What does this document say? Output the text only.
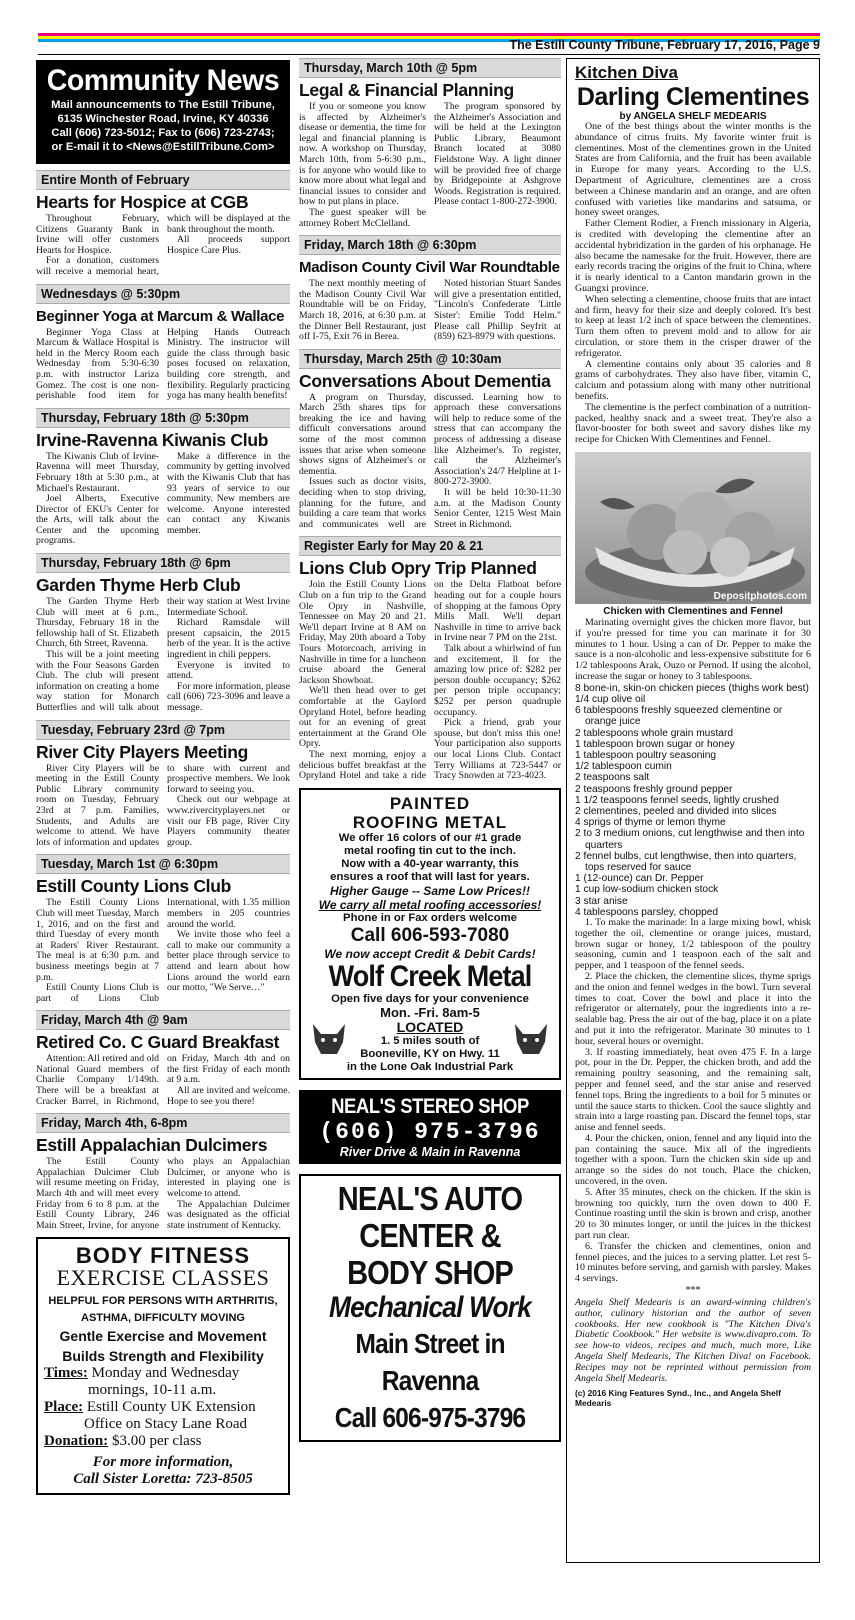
The Estill County Tribune, February 17, 2016, Page 9
Community News

Mail announcements to The Estill Tribune,

6135 Winchester Road, Irvine, KY 40336

Call (606) 723-5012; Fax to (606) 723-2743;

or E-mail it to <News@EstillTribune.Com>

Entire Month of February
Hearts for Hospice at CGB

Throughout February, Citizens Guaranty Bank in Irvine will offer customers Hearts for Hospice.

For a donation, customers will receive a memorial heart, which will be displayed at the bank throughout the month.

All proceeds support Hospice Care Plus.

Wednesdays @ 5:30pm
Beginner Yoga at Marcum & Wallace

Beginner Yoga Class at Marcum & Wallace Hospital is held in the Mercy Room each Wednesday from 5:30-6:30 p.m. with instructor Lariza Gomez. The cost is one non-perishable food item for Helping Hands Outreach Ministry. The instructor will guide the class through basic poses focused on relaxation, building core strength, and flexibility. Regularly practicing yoga has many health benefits!

Thursday, February 18th @ 5:30pm
Irvine-Ravenna Kiwanis Club

The Kiwanis Club of Irvine-Ravenna will meet Thursday, February 18th at 5:30 p.m., at Michael's Restaurant.

Joel Alberts, Executive Director of EKU's Center for the Arts, will talk about the Center and the upcoming programs.

Make a difference in the community by getting involved with the Kiwanis Club that has 93 years of service to our community. New members are welcome. Anyone interested can contact any Kiwanis member.

Thursday, February 18th @ 6pm
Garden Thyme Herb Club

The Garden Thyme Herb Club will meet at 6 p.m., Thursday, February 18 in the fellowship hall of St. Elizabeth Church, 6th Street, Ravenna.

This will be a joint meeting with the Four Seasons Garden Club. The club will present information on creating a home way station for Monarch Butterflies and will talk about their way station at West Irvine Intermediate School.

Richard Ramsdale will present capsaicin, the 2015 herb of the year. It is the active ingredient in chili peppers.

Everyone is invited to attend.

For more information, please call (606) 723-3096 and leave a message.

Tuesday, February 23rd @ 7pm
River City Players Meeting

River City Players will be meeting in the Estill County Public Library community room on Tuesday, February 23rd at 7 p.m. Families, Students, and Adults are welcome to attend. We have lots of information and updates to share with current and prospective members. We look forward to seeing you.

Check out our webpage at www.rivercityplayers.net or visit our FB page, River City Players community theater group.

Tuesday, March 1st @ 6:30pm
Estill County Lions Club

The Estill County Lions Club will meet Tuesday, March 1, 2016, and on the first and third Tuesday of every month at Raders' River Restaurant. The meal is at 6:30 p.m. and business meetings begin at 7 p.m.

Estill County Lions Club is part of Lions Club International, with 1.35 million members in 205 countries around the world.

We invite those who feel a call to make our community a better place through service to attend and learn about how Lions around the world earn our motto, "We Serve…"

Friday, March 4th @ 9am
Retired Co. C Guard Breakfast

Attention: All retired and old National Guard members of Charlie Company 1/149th. There will be a breakfast at Cracker Barrel, in Richmond, on Friday, March 4th and on the first Friday of each month at 9 a.m.

All are invited and welcome. Hope to see you there!

Friday, March 4th, 6-8pm
Estill Appalachian Dulcimers

The Estill County Appalachian Dulcimer Club will resume meeting on Friday, March 4th and will meet every Friday from 6 to 8 p.m. at the Estill County Library, 246 Main Street, Irvine, for anyone who plays an Appalachian Dulcimer, or anyone who is interested in playing one is welcome to attend.

The Appalachian Dulcimer was designated as the official state instrument of Kentucky.

BODY FITNESS
EXERCISE CLASSES
HELPFUL FOR PERSONS WITH ARTHRITIS,
ASTHMA, DIFFICULTY MOVING
Gentle Exercise and Movement
Builds Strength and Flexibility
Times: Monday and Wednesday
mornings, 10-11 a.m.
Place: Estill County UK Extension
Office on Stacy Lane Road
Donation: $3.00 per class
For more information,
Call Sister Loretta: 723-8505
Thursday, March 10th @ 5pm
Legal & Financial Planning

If you or someone you know is affected by Alzheimer's disease or dementia, the time for legal and financial planning is now. A workshop on Thursday, March 10th, from 5-6:30 p.m., is for anyone who would like to know more about what legal and financial issues to consider and how to put plans in place.

The guest speaker will be attorney Robert McClelland.

The program sponsored by the Alzheimer's Association and will be held at the Lexington Public Library, Beaumont Branch located at 3080 Fieldstone Way. A light dinner will be provided free of charge by Bridgepointe at Ashgrove Woods. Registration is required. Please contact 1-800-272-3900.

Friday, March 18th @ 6:30pm
Madison County Civil War Roundtable

The next monthly meeting of the Madison County Civil War Roundtable will be on Friday, March 18, 2016, at 6:30 p.m. at the Dinner Bell Restaurant, just off I-75, Exit 76 in Berea.

Noted historian Stuart Sandes will give a presentation entitled, "Lincoln's Confederate 'Little Sister': Emilie Todd Helm." Please call Phillip Seyfrit at (859) 623-8979 with questions.

Thursday, March 25th @ 10:30am
Conversations About Dementia

A program on Thursday, March 25th shares tips for breaking the ice and having difficult conversations around some of the most common issues that arise when someone shows signs of Alzheimer's or dementia.

Issues such as doctor visits, deciding when to stop driving, planning for the future, and building a care team that works and communicates well are discussed. Learning how to approach these conversations will help to reduce some of the stress that can accompany the process of addressing a disease like Alzheimer's. To register, call the Alzheimer's Association's 24/7 Helpline at 1-800-272-3900.

It will be held 10:30-11:30 a.m. at the Madison County Senior Center, 1215 West Main Street in Richmond.

Register Early for May 20 & 21
Lions Club Opry Trip Planned

Join the Estill County Lions Club on a fun trip to the Grand Ole Opry in Nashville, Tennessee on May 20 and 21. We'll depart Irvine at 8 AM on Friday, May 20th aboard a Toby Tours Motorcoach, arriving in Nashville in time for a luncheon cruise aboard the General Jackson Showboat.

We'll then head over to get comfortable at the Gaylord Opryland Hotel, before heading out for an evening of great entertainment at the Grand Ole Opry.

The next morning, enjoy a delicious buffet breakfast at the Opryland Hotel and take a ride on the Delta Flatboat before heading out for a couple hours of shopping at the famous Opry Mills Mall. We'll depart Nashville in time to arrive back in Irvine near 7 PM on the 21st.

Talk about a whirlwind of fun and excitement, ll for the amazing low price of: $282 per person double occupancy; $262 per person triple occupancy; $252 per person quadruple occupancy.

Pick a friend, grab your spouse, but don't miss this one! Your participation also supports our local Lions Club. Contact Terry Williams at 723-5447 or Tracy Snowden at 723-4023.

PAINTED
ROOFING METAL
We offer 16 colors of our #1 grade
metal roofing tin cut to the inch.
Now with a 40-year warranty, this
ensures a roof that will last for years.
Higher Gauge -- Same Low Prices!!
We carry all metal roofing accessories!
Phone in or Fax orders welcome
Call 606-593-7080
We now accept Credit & Debit Cards!
Wolf Creek Metal
Open five days for your convenience
Mon. -Fri. 8am-5
LOCATED
1. 5 miles south of
Booneville, KY on Hwy. 11
in the Lone Oak Industrial Park
NEAL'S STEREO SHOP
(606) 975-3796
River Drive & Main in Ravenna
NEAL'S AUTO
CENTER &
BODY SHOP
Mechanical Work
Main Street in Ravenna
Call 606-975-3796
Kitchen Diva
Darling Clementines
by ANGELA SHELF MEDEARIS

One of the best things about the winter months is the abundance of citrus fruits. My favorite winter fruit is clementines. Most of the clementines grown in the United States are from California, and the fruit has been available in Europe for many years. According to the U.S. Department of Agriculture, clementines are a cross between a Chinese mandarin and an orange, and are often confused with varieties like mandarins and satsuma, or honey sweet oranges.

Father Clement Rodier, a French missionary in Algeria, is credited with developing the clementine after an accidental hybridization in the garden of his orphanage. He also became the namesake for the fruit. However, there are early records tracing the origins of the fruit to China, where it is nearly identical to a Canton mandarin grown in the Guangxi province.

When selecting a clementine, choose fruits that are intact and firm, heavy for their size and deeply colored. It's best to keep at least 1/2 inch of space between the clementines. Turn them often to prevent mold and to allow for air circulation, or store them in the crisper drawer of the refrigerator.

A clementine contains only about 35 calories and 8 grams of carbohydrates. They also have fiber, vitamin C, calcium and potassium along with many other nutritional benefits.

The clementine is the perfect combination of a nutrition-packed, healthy snack and a sweet treat. They're also a flavor-booster for both sweet and savory dishes like my recipe for Chicken With Clementines and Fennel.

Depositphotos.com
Chicken with Clementines and Fennel

Marinating overnight gives the chicken more flavor, but if you're pressed for time you can marinate it for 30 minutes to 1 hour. Using a can of Dr. Pepper to make the sauce is a non-alcoholic and less-expensive substitute for 6 1/2 tablespoons Arak, Ouzo or Pernod. If using the alcohol, increase the sugar or honey to 3 tablespoons.

8 bone-in, skin-on chicken pieces (thighs work best)
1/4 cup olive oil
6 tablespoons freshly squeezed clementine or orange juice
2 tablespoons whole grain mustard
1 tablespoon brown sugar or honey
1 tablespoon poultry seasoning
1/2 tablespoon cumin
2 teaspoons salt
2 teaspoons freshly ground pepper
1 1/2 teaspoons fennel seeds, lightly crushed
2 clementines, peeled and divided into slices
4 sprigs of thyme or lemon thyme
2 to 3 medium onions, cut lengthwise and then into quarters
2 fennel bulbs, cut lengthwise, then into quarters, tops reserved for sauce
1 (12-ounce) can Dr. Pepper
1 cup low-sodium chicken stock
3 star anise
4 tablespoons parsley, chopped

1. To make the marinade: In a large mixing bowl, whisk together the oil, clementine or orange juices, mustard, brown sugar or honey, 1/2 tablespoon of the poultry seasoning, cumin and 1 teaspoon each of the salt and pepper, and 1 teaspoon of the fennel seeds.

2. Place the chicken, the clementine slices, thyme sprigs and the onion and fennel wedges in the bowl. Turn several times to coat. Cover the bowl and place it into the refrigerator or alternately, pour the ingredients into a re-sealable bag. Press the air out of the bag, place it on a plate and put it into the refrigerator. Marinate 30 minutes to 1 hour, several hours or overnight.

3. If roasting immediately, heat oven 475 F. In a large pot, pour in the Dr. Pepper, the chicken broth, and add the remaining poultry seasoning, and the remaining salt, pepper and fennel seed, and the star anise and reserved fennel tops. Bring the ingredients to a boil for 5 minutes or until the sauce starts to thicken. Cool the sauce slightly and strain into a large roasting pan. Discard the fennel tops, star anise and fennel seeds.

4. Pour the chicken, onion, fennel and any liquid into the pan containing the sauce. Mix all of the ingredients together with a spoon. Turn the chicken skin side up and arrange so the sides do not touch. Place the chicken, uncovered, in the oven.

5. After 35 minutes, check on the chicken. If the skin is browning too quickly, turn the oven down to 400 F. Continue roasting until the skin is brown and crisp, another 20 to 30 minutes longer, or until the juices in the thickest part run clear.

6. Transfer the chicken and clementines, onion and fennel pieces, and the juices to a serving platter. Let rest 5-10 minutes before serving, and garnish with parsley. Makes 4 servings.

***
Angela Shelf Medearis is an award-winning children's author, culinary historian and the author of seven cookbooks. Her new cookbook is "The Kitchen Diva's Diabetic Cookbook." Her website is www.divapro.com. To see how-to videos, recipes and much, much more, Like Angela Shelf Medearis, The Kitchen Diva! on Facebook. Recipes may not be reprinted without permission from Angela Shelf Medearis.
(c) 2016 King Features Synd., Inc., and Angela Shelf Medearis
